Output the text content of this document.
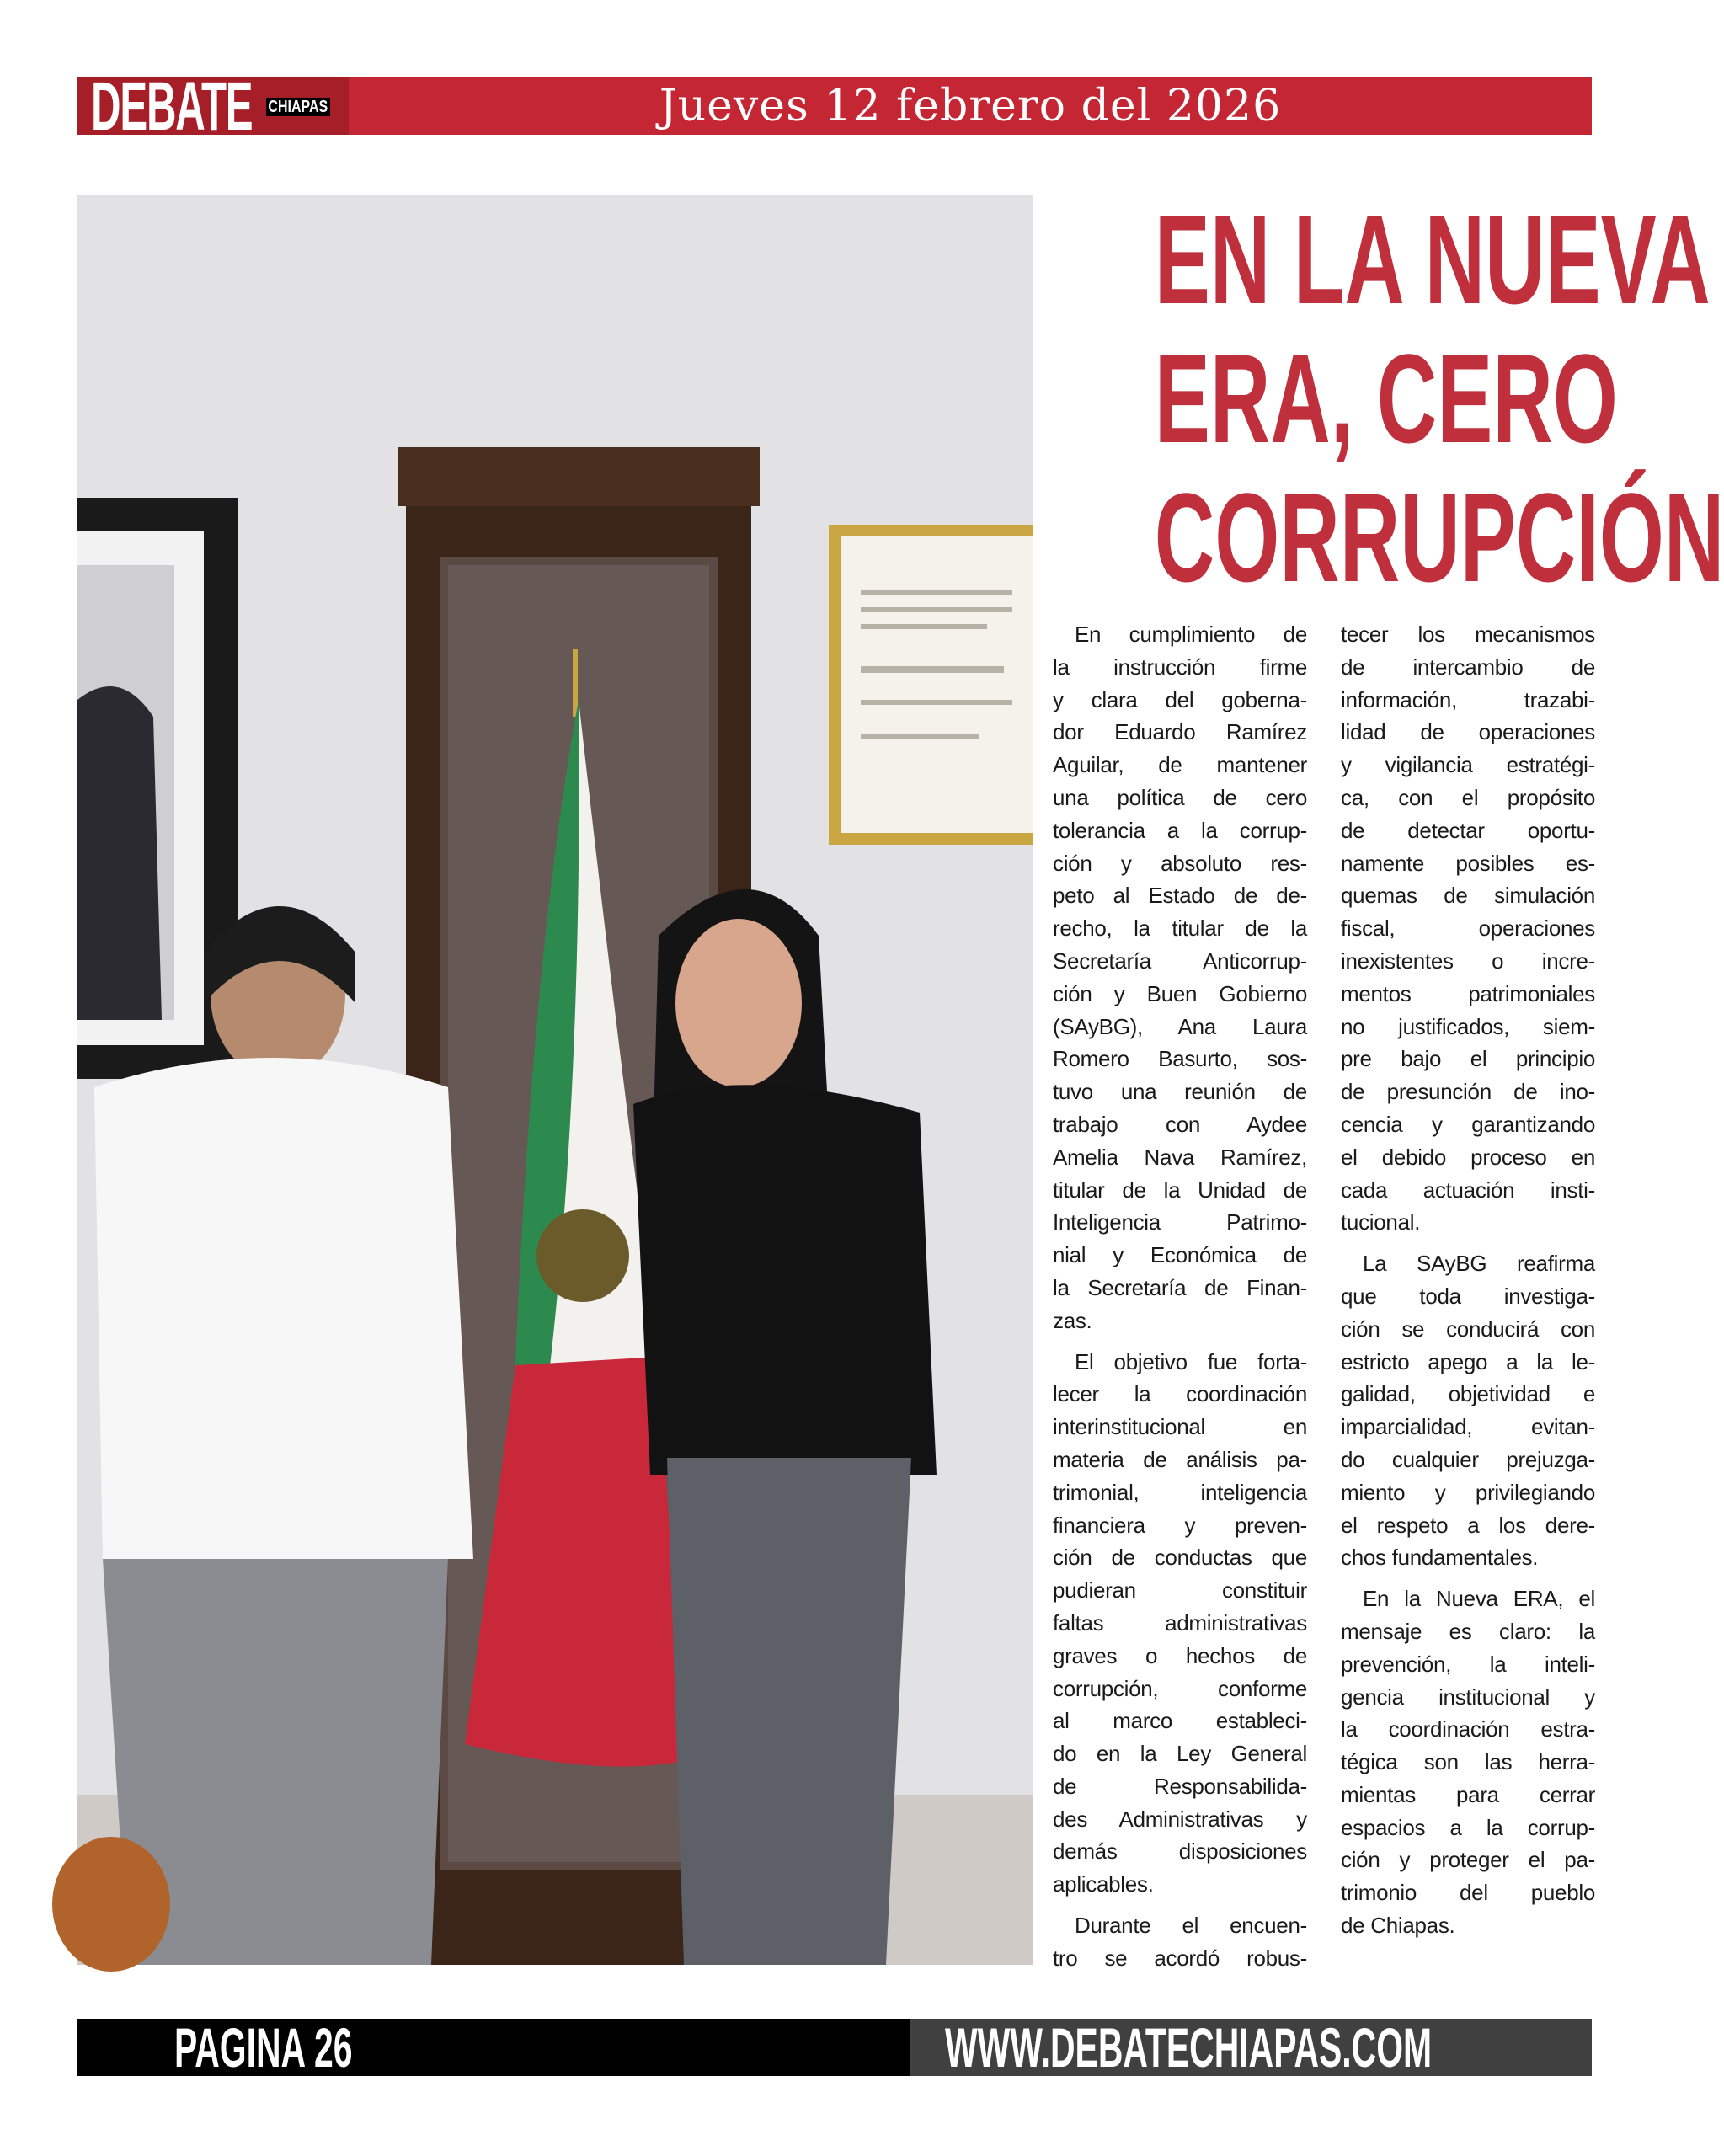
DEBATE CHIAPAS	Jueves 12 febrero del 2026
EN LA NUEVA
ERA, CERO
CORRUPCIÓN
En cumplimiento de
la instrucción firme
y clara del goberna-
dor Eduardo Ramírez
Aguilar, de mantener
una política de cero
tolerancia a la corrup-
ción y absoluto res-
peto al Estado de de-
recho, la titular de la
Secretaría Anticorrup-
ción y Buen Gobierno
(SAyBG), Ana Laura
Romero Basurto, sos-
tuvo una reunión de
trabajo con Aydee
Amelia Nava Ramírez,
titular de la Unidad de
Inteligencia Patrimo-
nial y Económica de
la Secretaría de Finan-
zas.
El objetivo fue forta-
lecer la coordinación
interinstitucional en
materia de análisis pa-
trimonial, inteligencia
financiera y preven-
ción de conductas que
pudieran constituir
faltas administrativas
graves o hechos de
corrupción, conforme
al marco estableci-
do en la Ley General
de Responsabilida-
des Administrativas y
demás disposiciones
aplicables.
Durante el encuen-
tro se acordó robus-
tecer los mecanismos
de intercambio de
información, trazabi-
lidad de operaciones
y vigilancia estratégi-
ca, con el propósito
de detectar oportu-
namente posibles es-
quemas de simulación
fiscal, operaciones
inexistentes o incre-
mentos patrimoniales
no justificados, siem-
pre bajo el principio
de presunción de ino-
cencia y garantizando
el debido proceso en
cada actuación insti-
tucional.
La SAyBG reafirma
que toda investiga-
ción se conducirá con
estricto apego a la le-
galidad, objetividad e
imparcialidad, evitan-
do cualquier prejuzga-
miento y privilegiando
el respeto a los dere-
chos fundamentales.
En la Nueva ERA, el
mensaje es claro: la
prevención, la inteli-
gencia institucional y
la coordinación estra-
tégica son las herra-
mientas para cerrar
espacios a la corrup-
ción y proteger el pa-
trimonio del pueblo
de Chiapas.
PAGINA 26	WWW.DEBATECHIAPAS.COM
